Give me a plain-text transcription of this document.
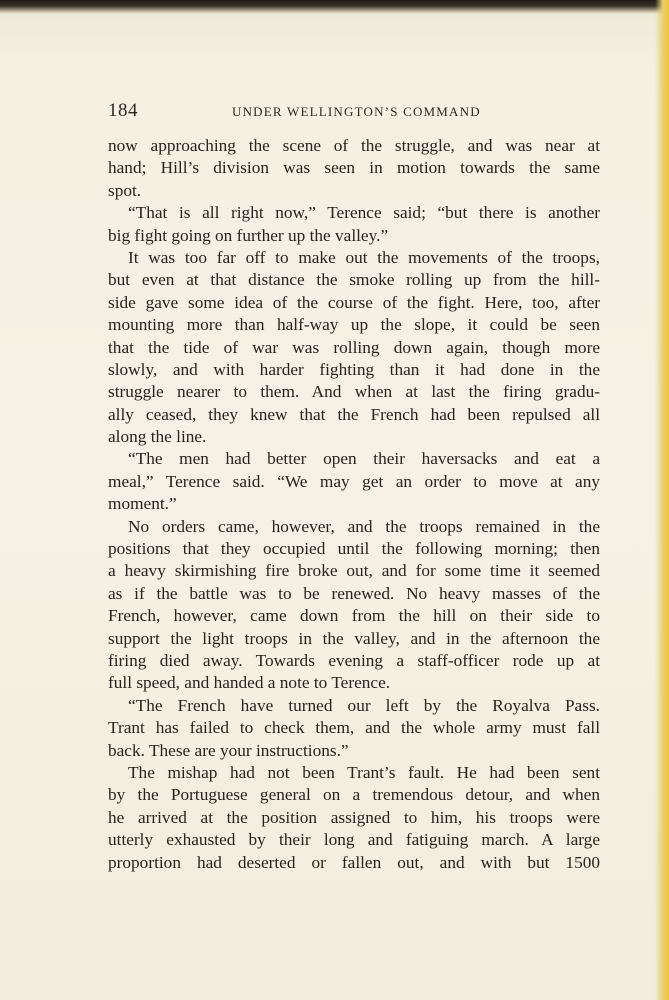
184	UNDER WELLINGTON’S COMMAND
now approaching the scene of the struggle, and was near at
hand; Hill’s division was seen in motion towards the same
spot.
“That is all right now,” Terence said; “but there is another
big fight going on further up the valley.”
It was too far off to make out the movements of the troops,
but even at that distance the smoke rolling up from the hill-
side gave some idea of the course of the fight. Here, too, after
mounting more than half-way up the slope, it could be seen
that the tide of war was rolling down again, though more
slowly, and with harder fighting than it had done in the
struggle nearer to them. And when at last the firing gradu-
ally ceased, they knew that the French had been repulsed all
along the line.
“The men had better open their haversacks and eat a
meal,” Terence said. “We may get an order to move at any
moment.”
No orders came, however, and the troops remained in the
positions that they occupied until the following morning; then
a heavy skirmishing fire broke out, and for some time it seemed
as if the battle was to be renewed. No heavy masses of the
French, however, came down from the hill on their side to
support the light troops in the valley, and in the afternoon the
firing died away. Towards evening a staff-officer rode up at
full speed, and handed a note to Terence.
“The French have turned our left by the Royalva Pass.
Trant has failed to check them, and the whole army must fall
back. These are your instructions.”
The mishap had not been Trant’s fault. He had been sent
by the Portuguese general on a tremendous detour, and when
he arrived at the position assigned to him, his troops were
utterly exhausted by their long and fatiguing march. A large
proportion had deserted or fallen out, and with but 1500
